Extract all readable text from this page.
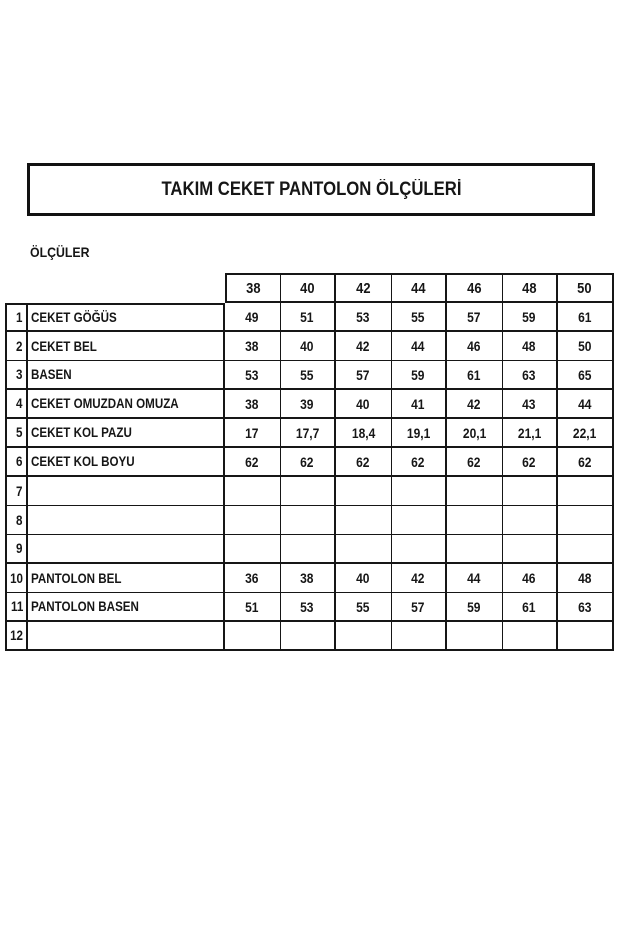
TAKIM CEKET PANTOLON ÖLÇÜLERİ
ÖLÇÜLER
38	40	42	44	46	48	50
1 CEKET GÖĞÜS	49	51	53	55	57	59	61
2 CEKET BEL	38	40	42	44	46	48	50
3 BASEN	53	55	57	59	61	63	65
4 CEKET OMUZDAN OMUZA	38	39	40	41	42	43	44
5 CEKET KOL PAZU	17	17,7 18,4 19,1 20,1 21,1 22,1
6 CEKET KOL BOYU	62	62	62	62	62	62	62
7
8
9
10 PANTOLON BEL	36	38	40	42	44	46	48
11 PANTOLON BASEN	51	53	55	57	59	61	63
12
